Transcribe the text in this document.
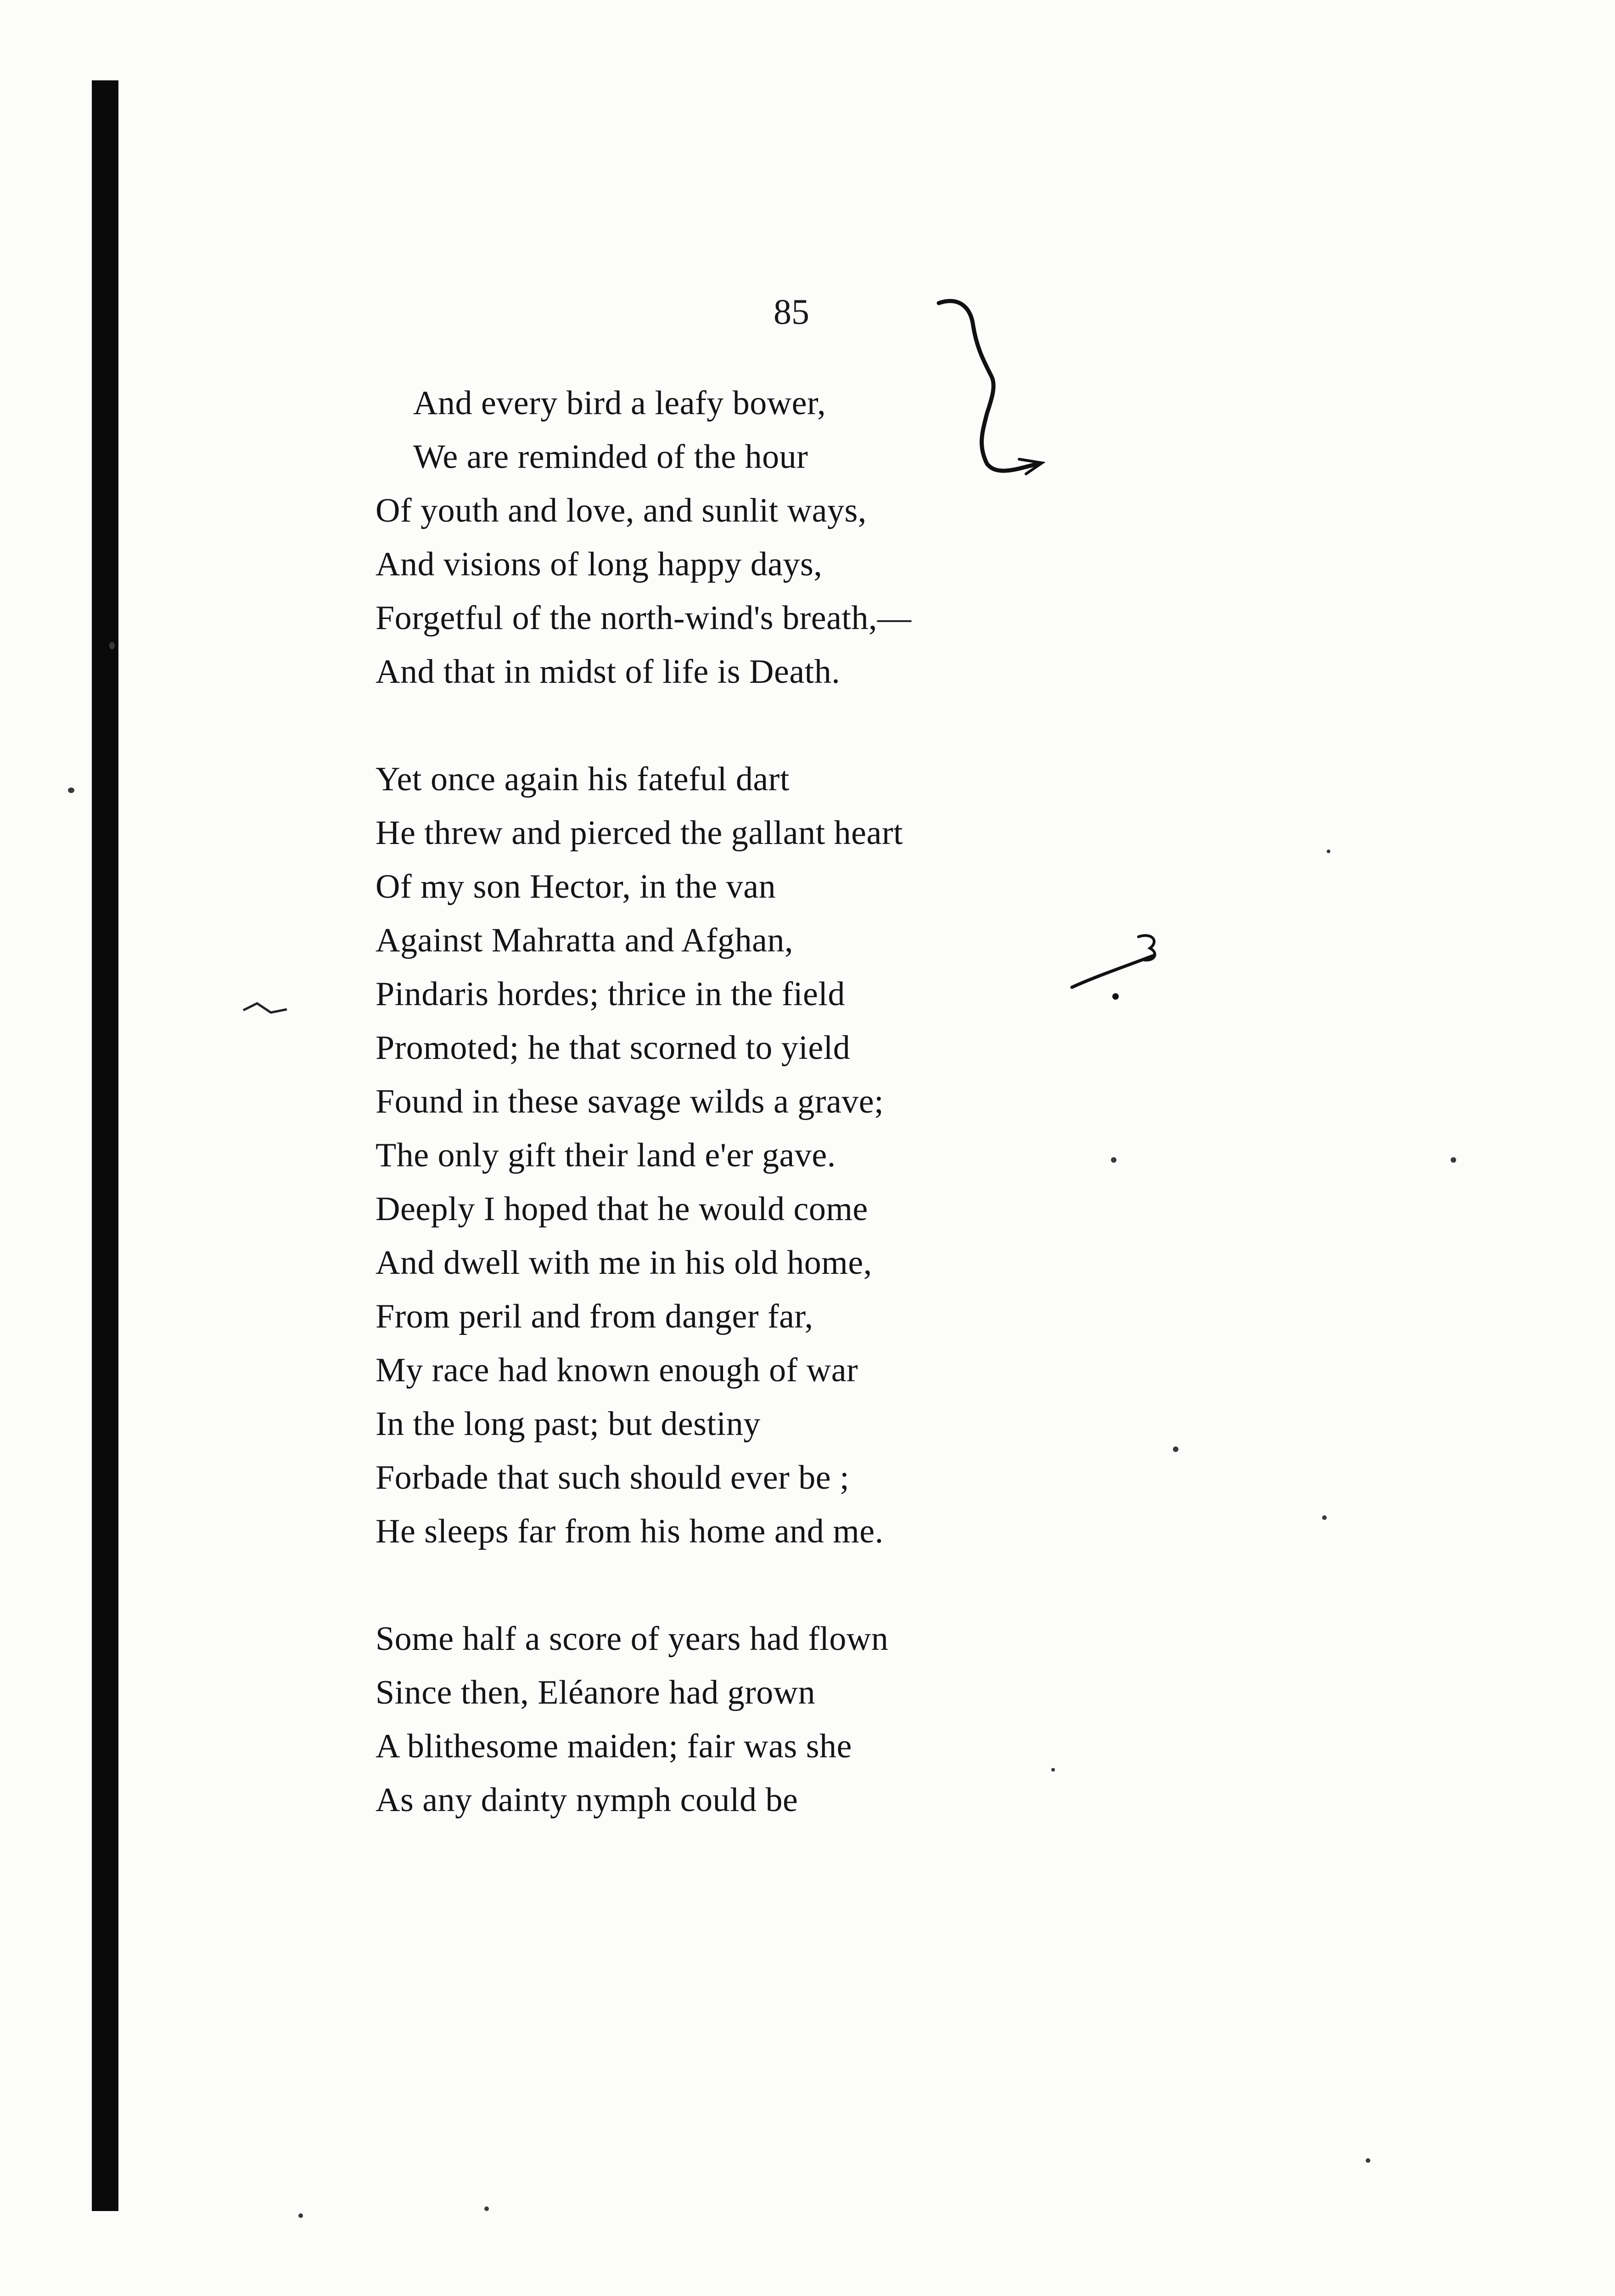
85
And every bird a leafy bower,
We are reminded of the hour
Of youth and love, and sunlit ways,
And visions of long happy days,
Forgetful of the north-wind's breath,—
And that in midst of life is Death.
Yet once again his fateful dart
He threw and pierced the gallant heart
Of my son Hector, in the van
Against Mahratta and Afghan,
Pindaris hordes; thrice in the field
Promoted; he that scorned to yield
Found in these savage wilds a grave;
The only gift their land e'er gave.
Deeply I hoped that he would come
And dwell with me in his old home,
From peril and from danger far,
My race had known enough of war
In the long past; but destiny
Forbade that such should ever be ;
He sleeps far from his home and me.
Some half a score of years had flown
Since then, Eléanore had grown
A blithesome maiden; fair was she
As any dainty nymph could be
